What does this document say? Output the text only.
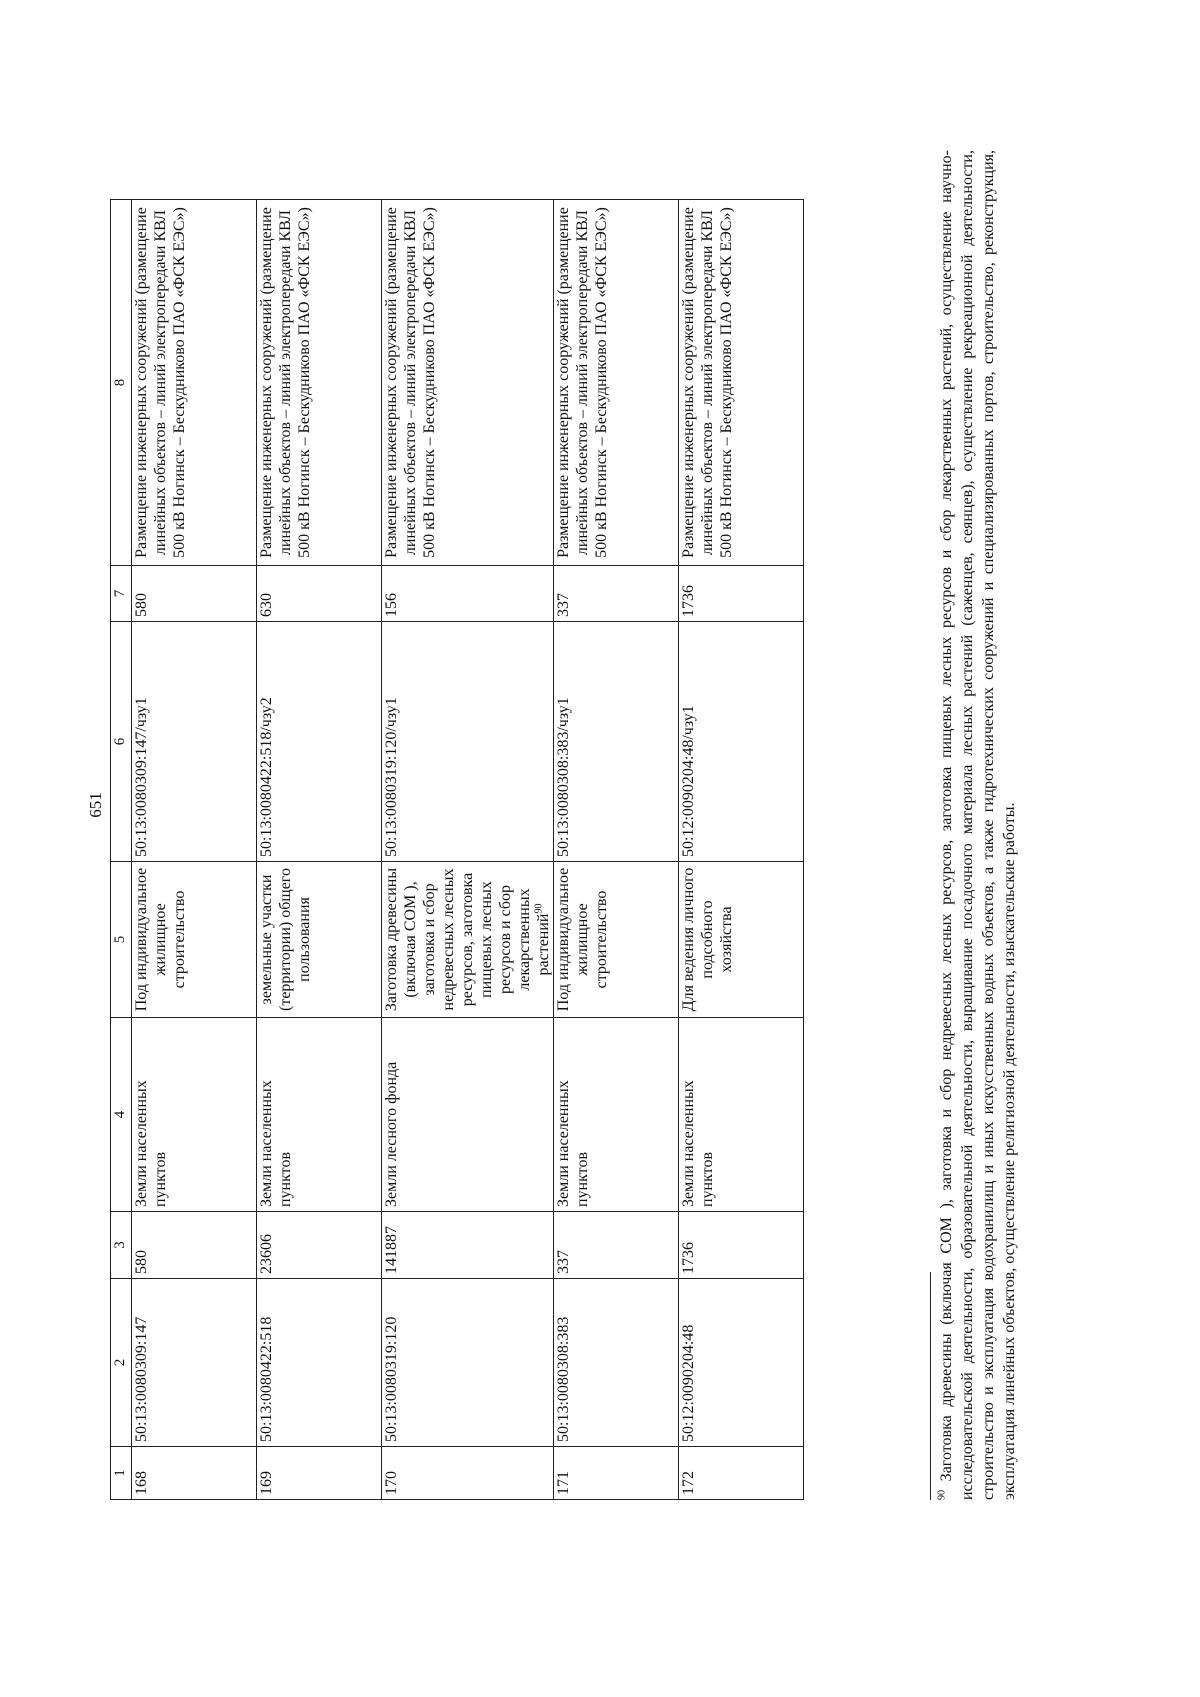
651
1	2	3	4	5	6	7	8
168	50:13:0080309:147	580	Земли населенных пунктов	Под индивидуальное жилищное строительство	50:13:0080309:147/чзу1	580	Размещение инженерных сооружений (размещение линейных объектов – линий электропередачи КВЛ 500 кВ Ногинск – Бескудниково ПАО «ФСК ЕЭС»)
169	50:13:0080422:518	23606	Земли населенных пунктов	земельные участки (территории) общего пользования	50:13:0080422:518/чзу2	630	Размещение инженерных сооружений (размещение линейных объектов – линий электропередачи КВЛ 500 кВ Ногинск – Бескудниково ПАО «ФСК ЕЭС»)
170	50:13:0080319:120	141887	Земли лесного фонда	Заготовка древесины (включая СОМ ), заготовка и сбор недревесных лесных ресурсов, заготовка пищевых лесных ресурсов и сбор лекарственных растений$^{90}$	50:13:0080319:120/чзу1	156	Размещение инженерных сооружений (размещение линейных объектов – линий электропередачи КВЛ 500 кВ Ногинск – Бескудниково ПАО «ФСК ЕЭС»)
171	50:13:0080308:383	337	Земли населенных пунктов	Под индивидуальное жилищное строительство	50:13:0080308:383/чзу1	337	Размещение инженерных сооружений (размещение линейных объектов – линий электропередачи КВЛ 500 кВ Ногинск – Бескудниково ПАО «ФСК ЕЭС»)
172	50:12:0090204:48	1736	Земли населенных пунктов	Для ведения личного подсобного хозяйства	50:12:0090204:48/чзу1	1736	Размещение инженерных сооружений (размещение линейных объектов – линий электропередачи КВЛ 500 кВ Ногинск – Бескудниково ПАО «ФСК ЕЭС»)
$^{90}$ Заготовка древесины (включая СОМ ), заготовка и сбор недревесных лесных ресурсов, заготовка пищевых лесных ресурсов и сбор лекарственных растений, осуществление научно-исследовательской деятельности, образовательной деятельности, выращивание посадочного материала лесных растений (саженцев, сеянцев), осуществление рекреационной деятельности, строительство и эксплуатация водохранилищ и иных искусственных водных объектов, а также гидротехнических сооружений и специализированных портов, строительство, реконструкция, эксплуатация линейных объектов, осуществление религиозной деятельности, изыскательские работы.
